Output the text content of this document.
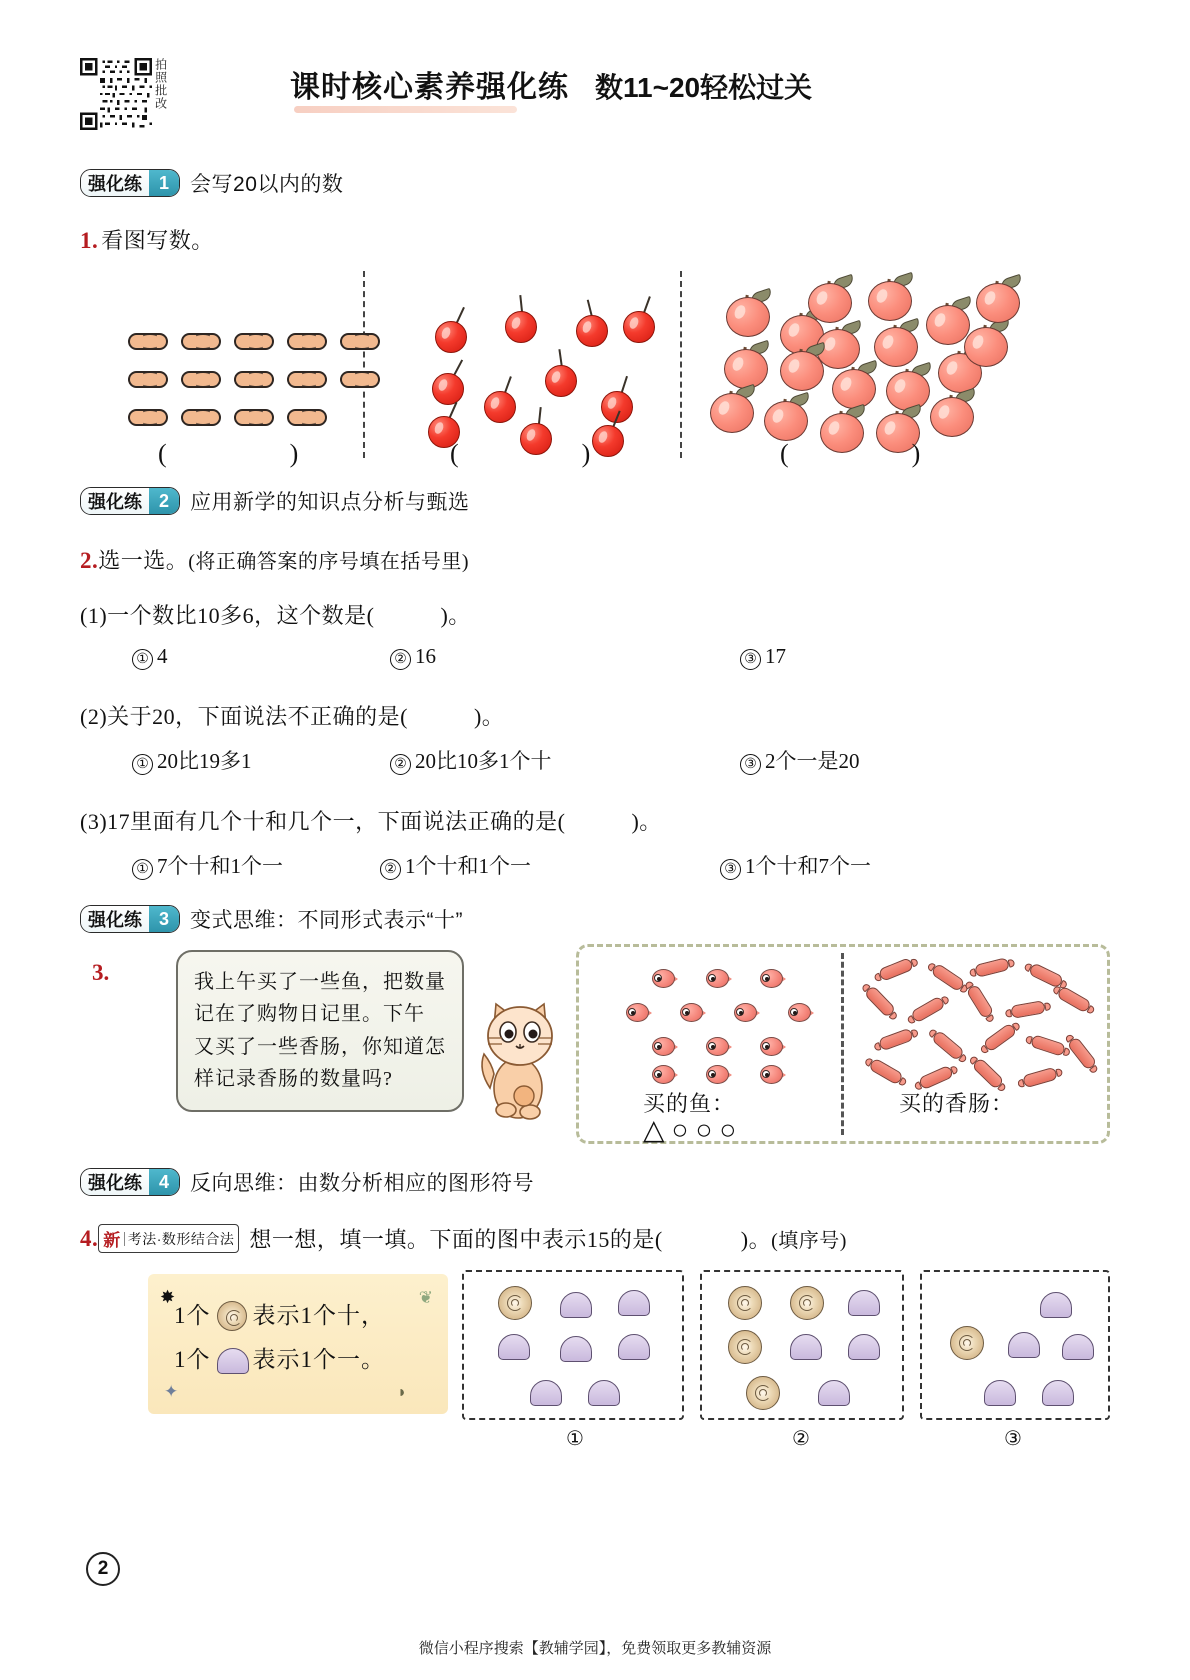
拍照批改	课时核心素养强化练 数11~20轻松过关
强化练 1	会写20以内的数
1. 看图写数。
(	)	(	)	(	)
强化练 2	应用新学的知识点分析与甄选
2. 选一选。 (将正确答案的序号填在括号里)
(1) 一个数比10多6，这个数是(	)。
① 4	② 16	③ 17
(2) 关于20，下面说法不正确的是(	)。
① 20比19多1	② 20比10多1个十	③ 2个一是20
(3) 17里面有几个十和几个一，下面说法正确的是(	)。
① 7个十和1个一	② 1个十和1个一	③ 1个十和7个一
强化练 3	变式思维：不同形式表示“十”
3.	我上午买了一些鱼，把数量
记在了购物日记里。下午
又买了一些香肠，你知道怎
样记录香肠的数量吗?
买的鱼：	买的香肠：
△○○○
强化练 4	反向思维：由数分析相应的图形符号
4. 新 考法·数形结合法 想一想，填一填。下面的图中表示15的是(	)。 (填序号)
1个 表示1个十，
1个 表示1个一。
✸	❦
✦	◗
①	②	③
2
微信小程序搜索【教辅学园】，免费领取更多教辅资源
